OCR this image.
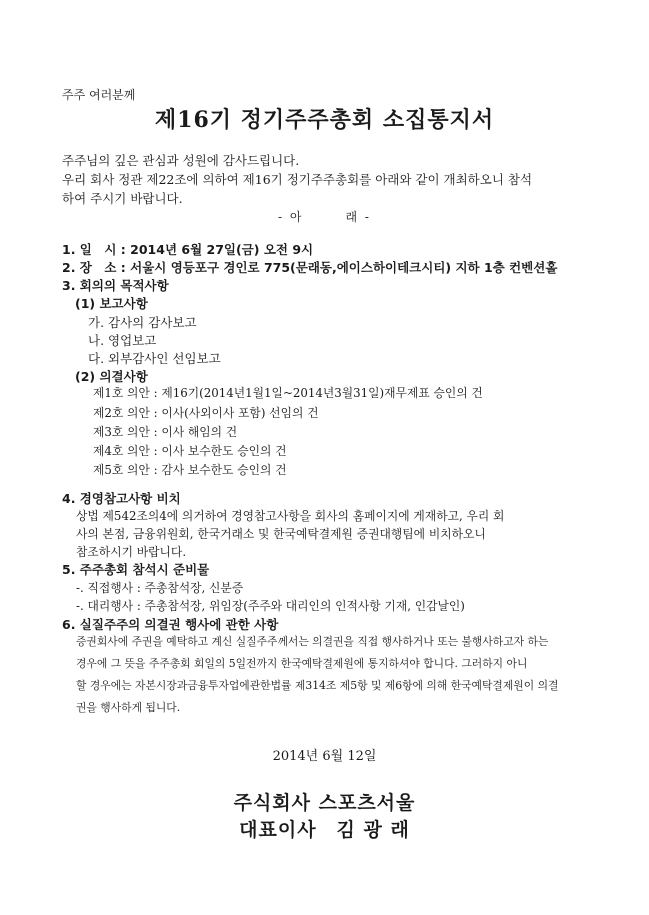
주주 여러분께
제16기 정기주주총회 소집통지서
주주님의 깊은 관심과 성원에 감사드립니다.
우리 회사 정관 제22조에 의하여 제16기 정기주주총회를 아래와 같이 개최하오니 참석
하여 주시기 바랍니다.
- 아　　　래 -
1. 일　시 : 2014년 6월 27일(금) 오전 9시
2. 장　소 : 서울시 영등포구 경인로 775(문래동,에이스하이테크시티) 지하 1층 컨벤션홀
3. 회의의 목적사항
(1) 보고사항
가. 감사의 감사보고
나. 영업보고
다. 외부감사인 선임보고
(2) 의결사항
제1호 의안 : 제16기(2014년1월1일~2014년3월31일)재무제표 승인의 건
제2호 의안 : 이사(사외이사 포함) 선임의 건
제3호 의안 : 이사 해임의 건
제4호 의안 : 이사 보수한도 승인의 건
제5호 의안 : 감사 보수한도 승인의 건
4. 경영참고사항 비치
상법 제542조의4에 의거하여 경영참고사항을 회사의 홈페이지에 게재하고, 우리 회
사의 본점, 금융위원회, 한국거래소 및 한국예탁결제원 증권대행팀에 비치하오니
참조하시기 바랍니다.
5. 주주총회 참석시 준비물
-. 직접행사 : 주총참석장, 신분증
-. 대리행사 : 주총참석장, 위임장(주주와 대리인의 인적사항 기재, 인감날인)
6. 실질주주의 의결권 행사에 관한 사항
증권회사에 주권을 예탁하고 계신 실질주주께서는 의결권을 직접 행사하거나 또는 불행사하고자 하는
경우에 그 뜻을 주주총회 회일의 5일전까지 한국예탁결제원에 통지하셔야 합니다. 그러하지 아니
할 경우에는 자본시장과금융투자업에관한법률 제314조 제5항 및 제6항에 의해 한국예탁결제원이 의결
권을 행사하게 됩니다.
2014년 6월 12일
주식회사 스포츠서울
대표이사　김 광 래
